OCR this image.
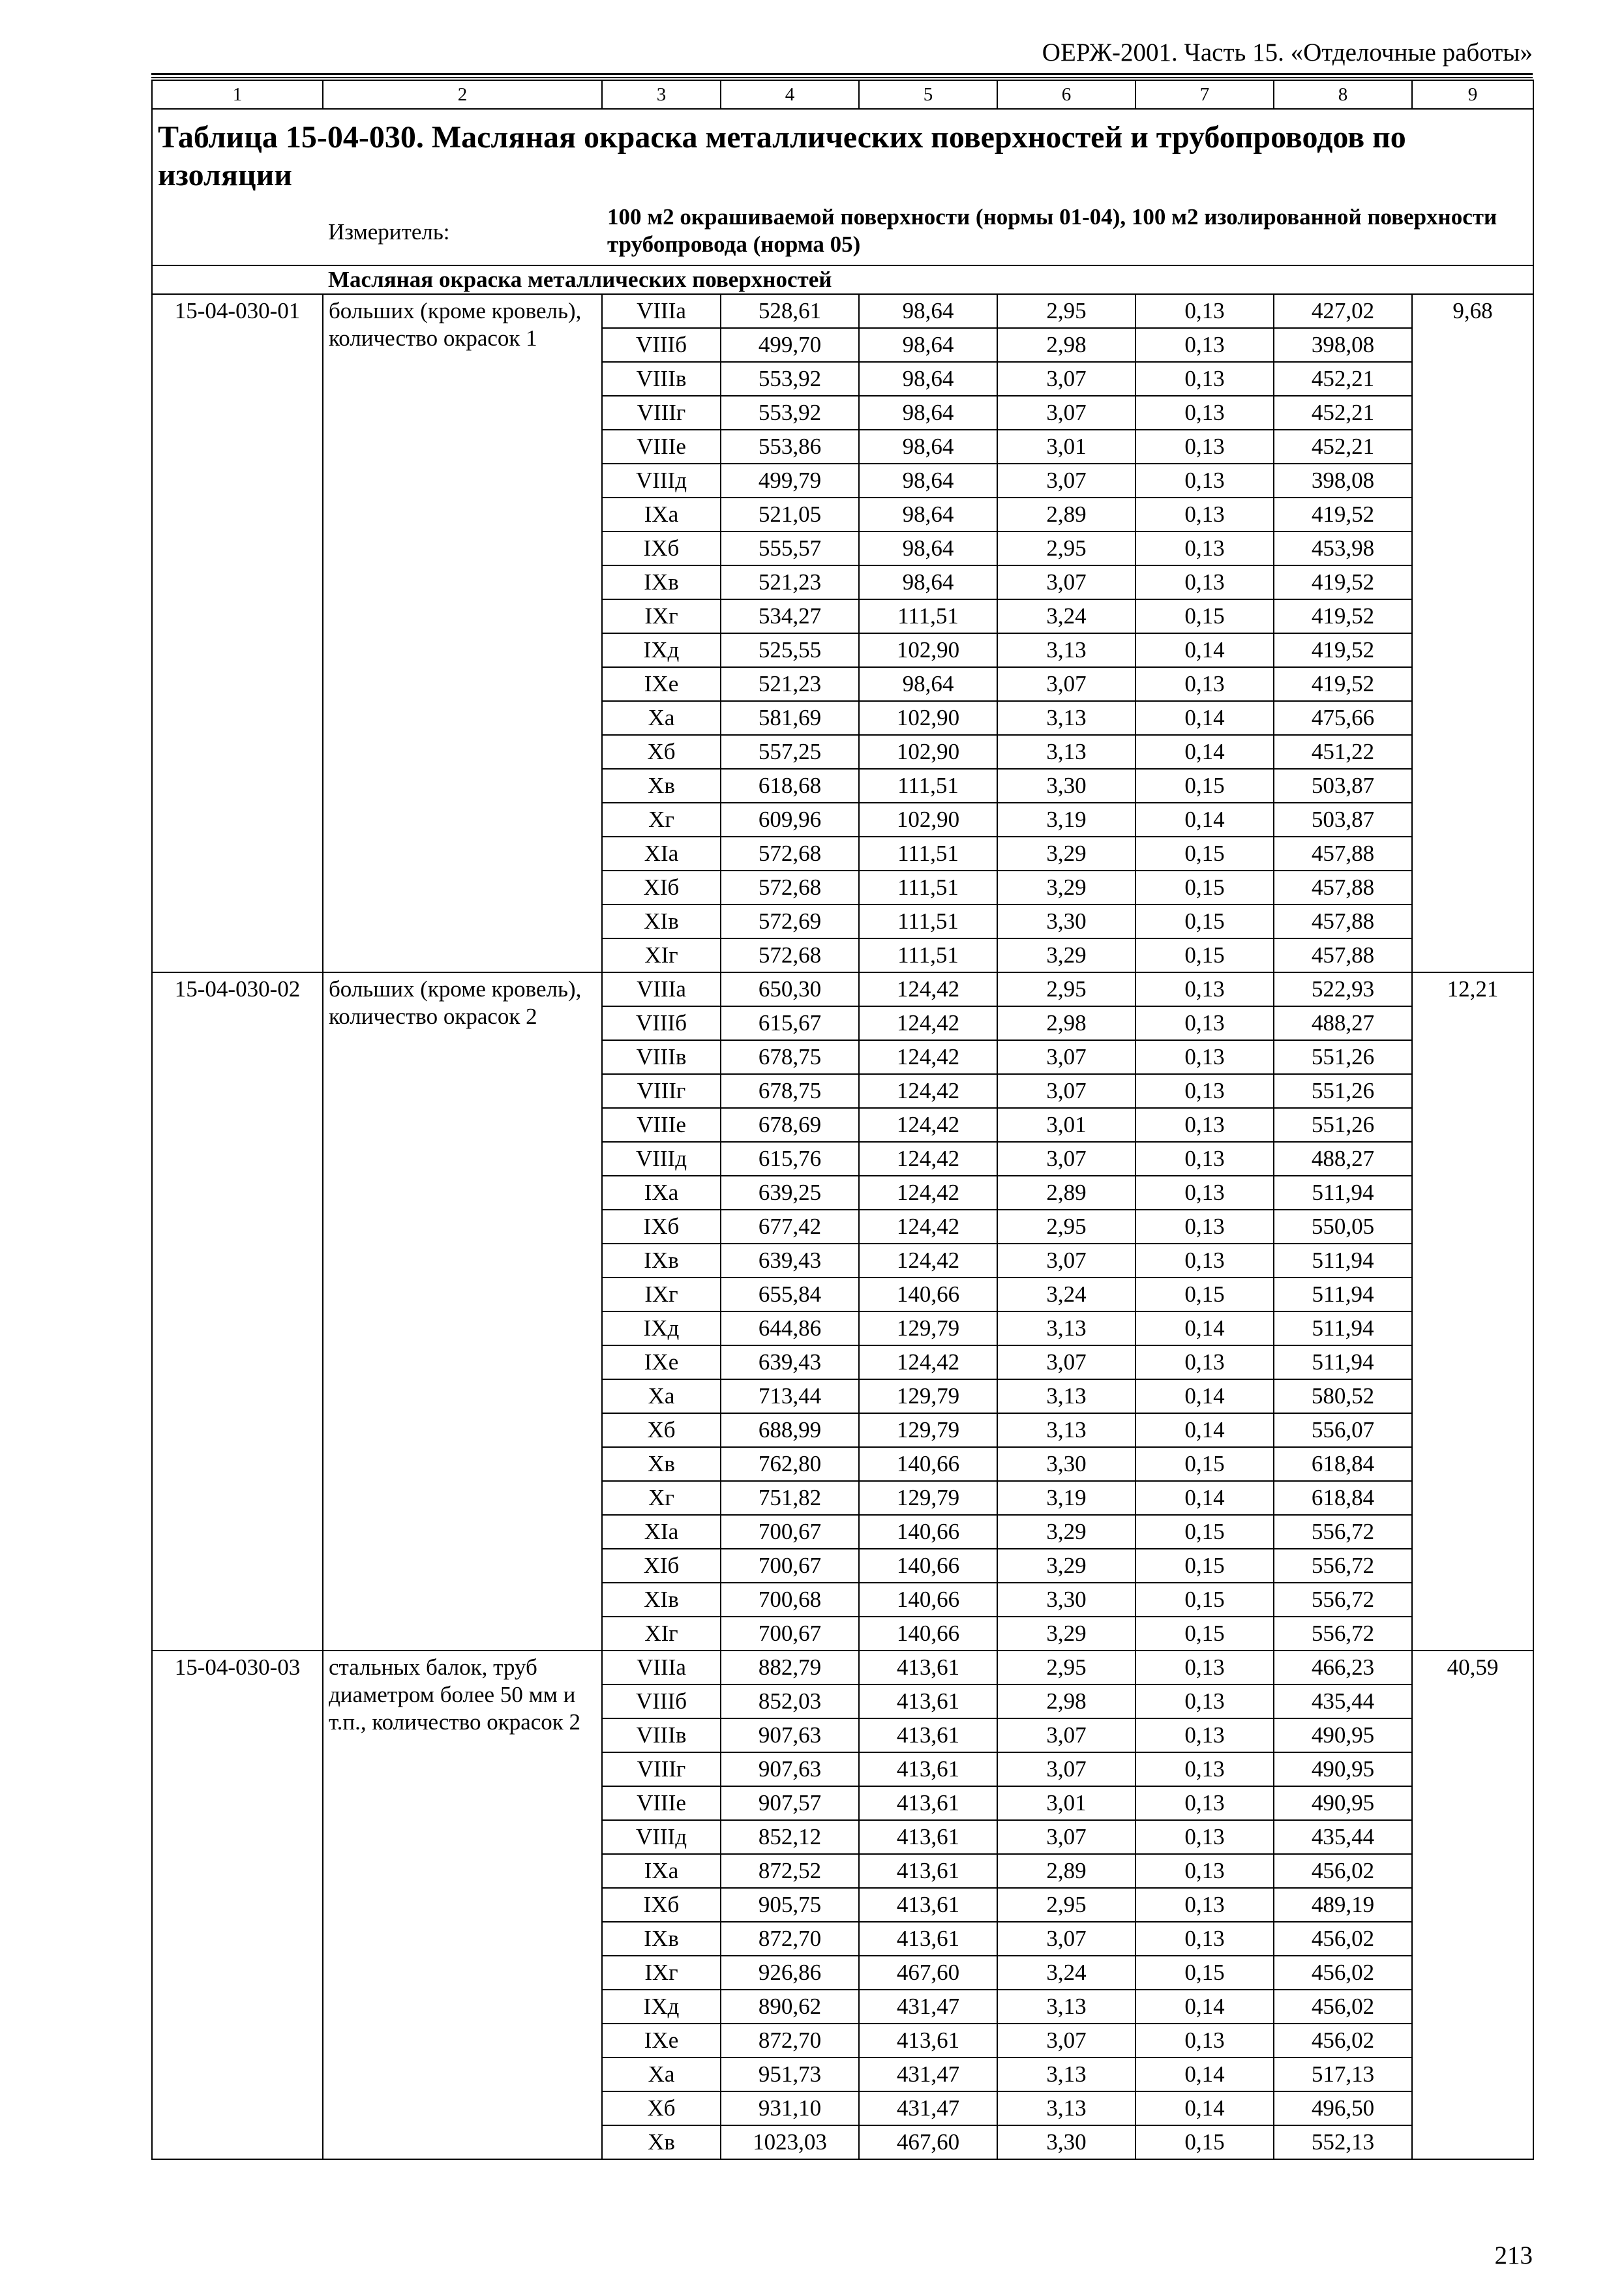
ОЕРЖ-2001. Часть 15. «Отделочные работы»
1	2	3	4	5	6	7	8	9
Таблица 15-04-030. Масляная окраска металлических поверхностей и трубопроводов по изоляции								
	Измеритель:	100 м2 окрашиваемой поверхности (нормы 01-04), 100 м2 изолированной поверхности трубопровода (норма 05)						
	Масляная окраска металлических поверхностей							
15-04-030-01	больших (кроме кровель), количество окрасок 1	VIIIа	528,61	98,64	2,95	0,13	427,02	9,68
		VIIIб	499,70	98,64	2,98	0,13	398,08	
		VIIIв	553,92	98,64	3,07	0,13	452,21	
		VIIIг	553,92	98,64	3,07	0,13	452,21	
		VIIIе	553,86	98,64	3,01	0,13	452,21	
		VIIIд	499,79	98,64	3,07	0,13	398,08	
		IXа	521,05	98,64	2,89	0,13	419,52	
		IXб	555,57	98,64	2,95	0,13	453,98	
		IXв	521,23	98,64	3,07	0,13	419,52	
		IXг	534,27	111,51	3,24	0,15	419,52	
		IXд	525,55	102,90	3,13	0,14	419,52	
		IXе	521,23	98,64	3,07	0,13	419,52	
		Xа	581,69	102,90	3,13	0,14	475,66	
		Xб	557,25	102,90	3,13	0,14	451,22	
		Xв	618,68	111,51	3,30	0,15	503,87	
		Xг	609,96	102,90	3,19	0,14	503,87	
		XIа	572,68	111,51	3,29	0,15	457,88	
		XIб	572,68	111,51	3,29	0,15	457,88	
		XIв	572,69	111,51	3,30	0,15	457,88	
		XIг	572,68	111,51	3,29	0,15	457,88	
15-04-030-02	больших (кроме кровель), количество окрасок 2	VIIIа	650,30	124,42	2,95	0,13	522,93	12,21
		VIIIб	615,67	124,42	2,98	0,13	488,27	
		VIIIв	678,75	124,42	3,07	0,13	551,26	
		VIIIг	678,75	124,42	3,07	0,13	551,26	
		VIIIе	678,69	124,42	3,01	0,13	551,26	
		VIIIд	615,76	124,42	3,07	0,13	488,27	
		IXа	639,25	124,42	2,89	0,13	511,94	
		IXб	677,42	124,42	2,95	0,13	550,05	
		IXв	639,43	124,42	3,07	0,13	511,94	
		IXг	655,84	140,66	3,24	0,15	511,94	
		IXд	644,86	129,79	3,13	0,14	511,94	
		IXе	639,43	124,42	3,07	0,13	511,94	
		Xа	713,44	129,79	3,13	0,14	580,52	
		Xб	688,99	129,79	3,13	0,14	556,07	
		Xв	762,80	140,66	3,30	0,15	618,84	
		Xг	751,82	129,79	3,19	0,14	618,84	
		XIа	700,67	140,66	3,29	0,15	556,72	
		XIб	700,67	140,66	3,29	0,15	556,72	
		XIв	700,68	140,66	3,30	0,15	556,72	
		XIг	700,67	140,66	3,29	0,15	556,72	
15-04-030-03	стальных балок, труб диаметром более 50 мм и т.п., количество окрасок 2	VIIIа	882,79	413,61	2,95	0,13	466,23	40,59
		VIIIб	852,03	413,61	2,98	0,13	435,44	
		VIIIв	907,63	413,61	3,07	0,13	490,95	
		VIIIг	907,63	413,61	3,07	0,13	490,95	
		VIIIе	907,57	413,61	3,01	0,13	490,95	
		VIIIд	852,12	413,61	3,07	0,13	435,44	
		IXа	872,52	413,61	2,89	0,13	456,02	
		IXб	905,75	413,61	2,95	0,13	489,19	
		IXв	872,70	413,61	3,07	0,13	456,02	
		IXг	926,86	467,60	3,24	0,15	456,02	
		IXд	890,62	431,47	3,13	0,14	456,02	
		IXе	872,70	413,61	3,07	0,13	456,02	
		Xа	951,73	431,47	3,13	0,14	517,13	
		Xб	931,10	431,47	3,13	0,14	496,50	
		Xв	1023,03	467,60	3,30	0,15	552,13	
213
